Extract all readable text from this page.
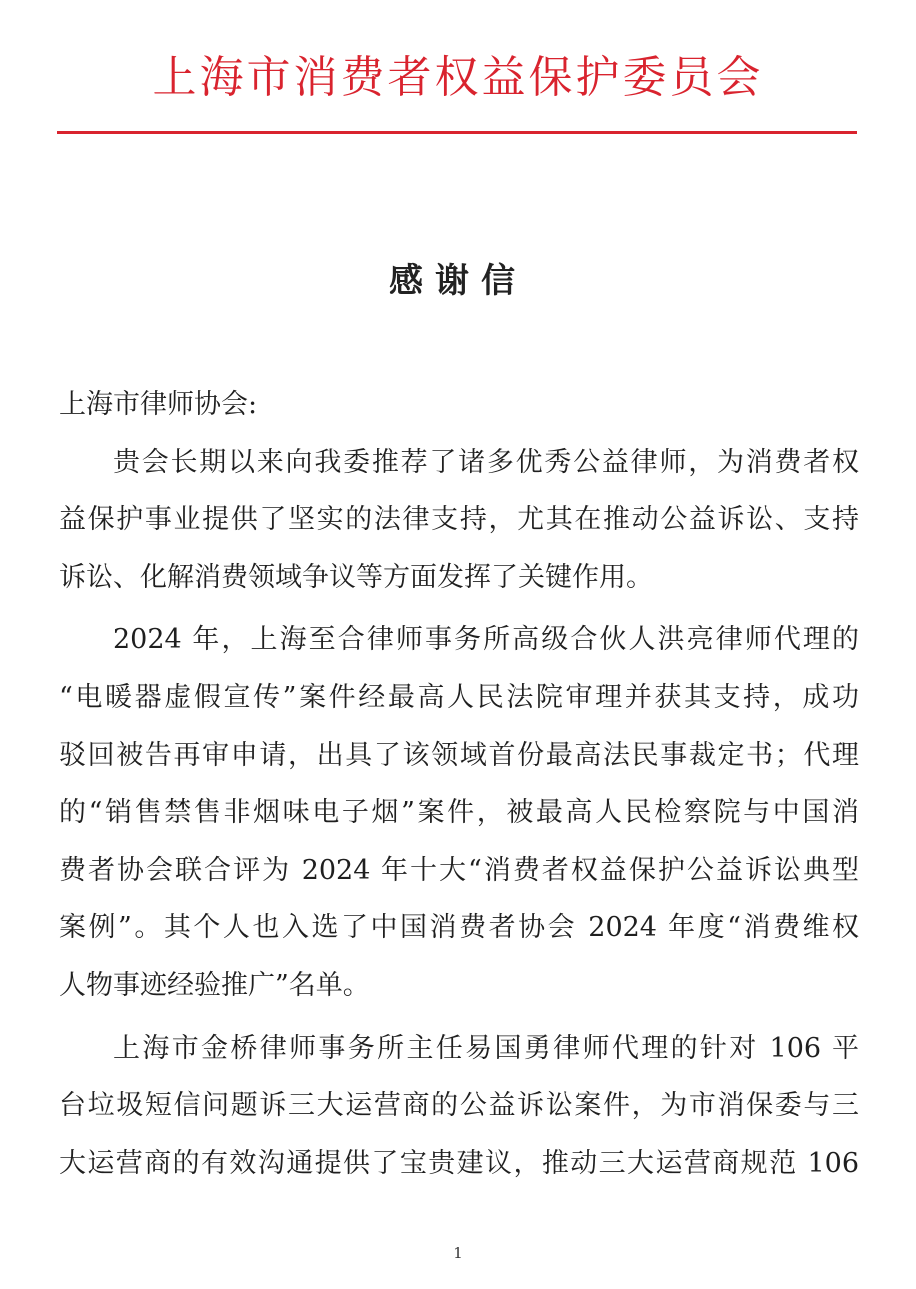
上海市消费者权益保护委员会
感谢信
上海市律师协会:
贵会长期以来向我委推荐了诸多优秀公益律师，为消费者权
益保护事业提供了坚实的法律支持，尤其在推动公益诉讼、支持
诉讼、化解消费领域争议等方面发挥了关键作用。
2024 年，上海至合律师事务所高级合伙人洪亮律师代理的
“电暖器虚假宣传”案件经最高人民法院审理并获其支持，成功
驳回被告再审申请，出具了该领域首份最高法民事裁定书；代理
的“销售禁售非烟味电子烟”案件，被最高人民检察院与中国消
费者协会联合评为 2024 年十大“消费者权益保护公益诉讼典型
案例”。其个人也入选了中国消费者协会 2024 年度“消费维权
人物事迹经验推广”名单。
上海市金桥律师事务所主任易国勇律师代理的针对 106 平
台垃圾短信问题诉三大运营商的公益诉讼案件，为市消保委与三
大运营商的有效沟通提供了宝贵建议，推动三大运营商规范 106
1
